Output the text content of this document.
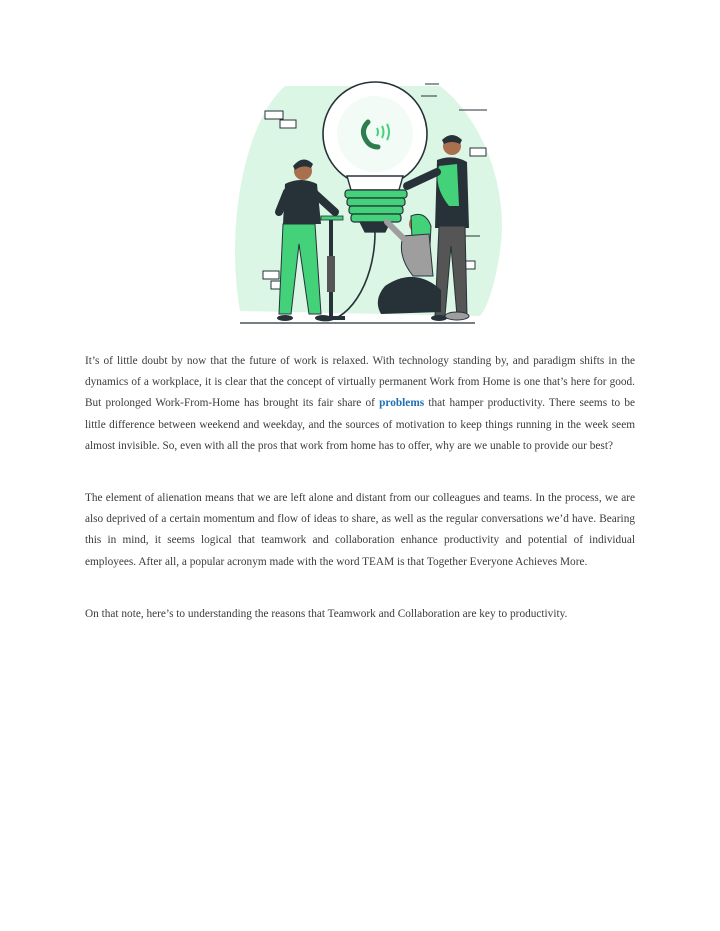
It’s of little doubt by now that the future of work is relaxed. With technology standing by, and paradigm shifts in the dynamics of a workplace, it is clear that the concept of virtually permanent Work from Home is one that’s here for good. But prolonged Work-From-Home has brought its fair share of problems that hamper productivity. There seems to be little difference between weekend and weekday, and the sources of motivation to keep things running in the week seem almost invisible. So, even with all the pros that work from home has to offer, why are we unable to provide our best?

The element of alienation means that we are left alone and distant from our colleagues and teams. In the process, we are also deprived of a certain momentum and flow of ideas to share, as well as the regular conversations we’d have. Bearing this in mind, it seems logical that teamwork and collaboration enhance productivity and potential of individual employees. After all, a popular acronym made with the word TEAM is that Together Everyone Achieves More.

On that note, here’s to understanding the reasons that Teamwork and Collaboration are key to productivity.
